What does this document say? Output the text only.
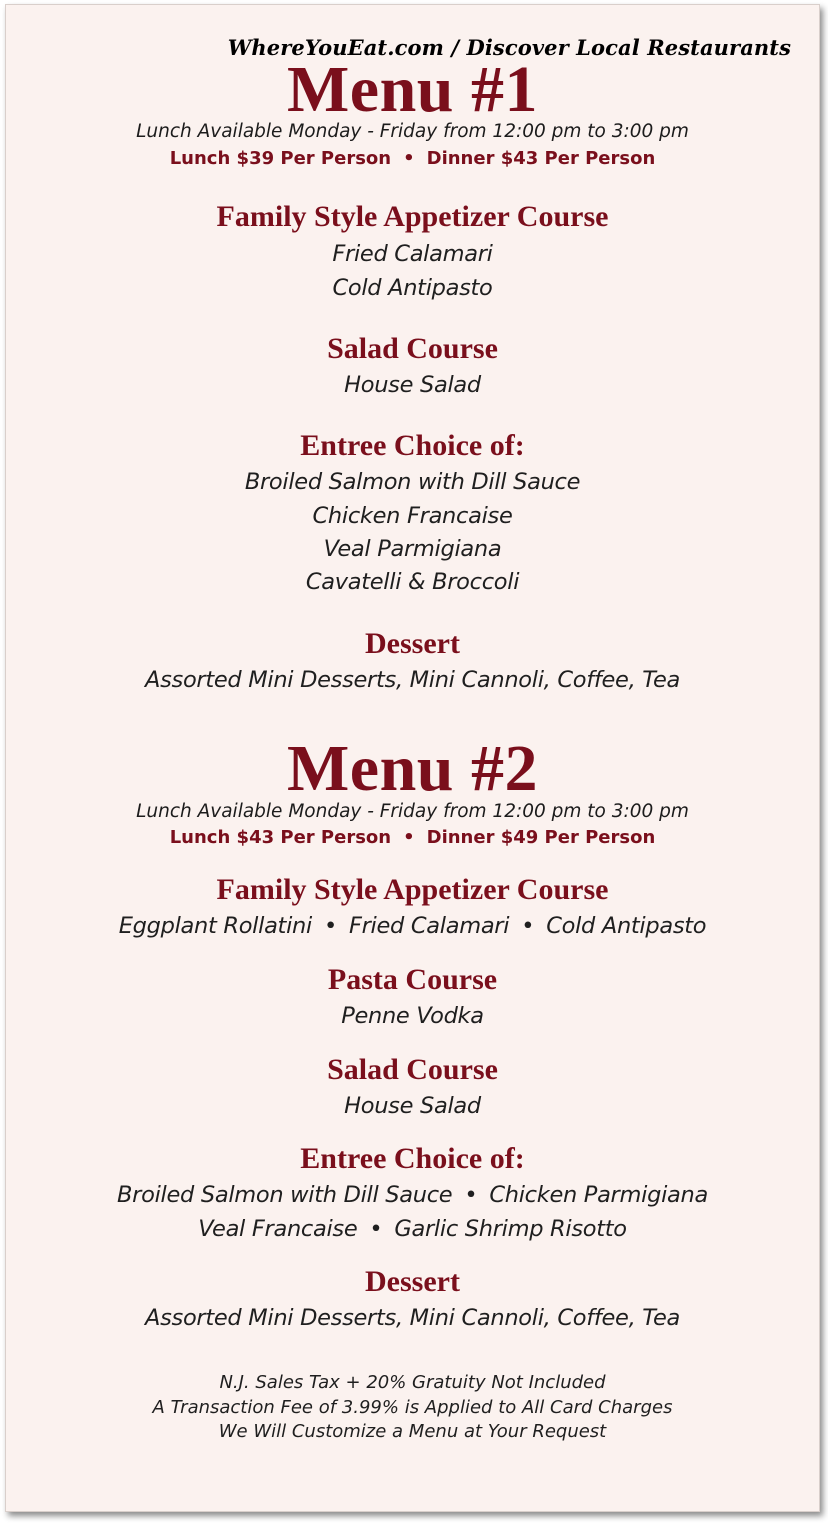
WhereYouEat.com / Discover Local Restaurants
Menu #1
Lunch Available Monday - Friday from 12:00 pm to 3:00 pm
Lunch $39 Per Person • Dinner $43 Per Person
Family Style Appetizer Course
Fried Calamari
Cold Antipasto
Salad Course
House Salad
Entree Choice of:
Broiled Salmon with Dill Sauce
Chicken Francaise
Veal Parmigiana
Cavatelli & Broccoli
Dessert
Assorted Mini Desserts, Mini Cannoli, Coffee, Tea
Menu #2
Lunch Available Monday - Friday from 12:00 pm to 3:00 pm
Lunch $43 Per Person • Dinner $49 Per Person
Family Style Appetizer Course
Eggplant Rollatini • Fried Calamari • Cold Antipasto
Pasta Course
Penne Vodka
Salad Course
House Salad
Entree Choice of:
Broiled Salmon with Dill Sauce • Chicken Parmigiana
Veal Francaise • Garlic Shrimp Risotto
Dessert
Assorted Mini Desserts, Mini Cannoli, Coffee, Tea
N.J. Sales Tax + 20% Gratuity Not Included
A Transaction Fee of 3.99% is Applied to All Card Charges
We Will Customize a Menu at Your Request
